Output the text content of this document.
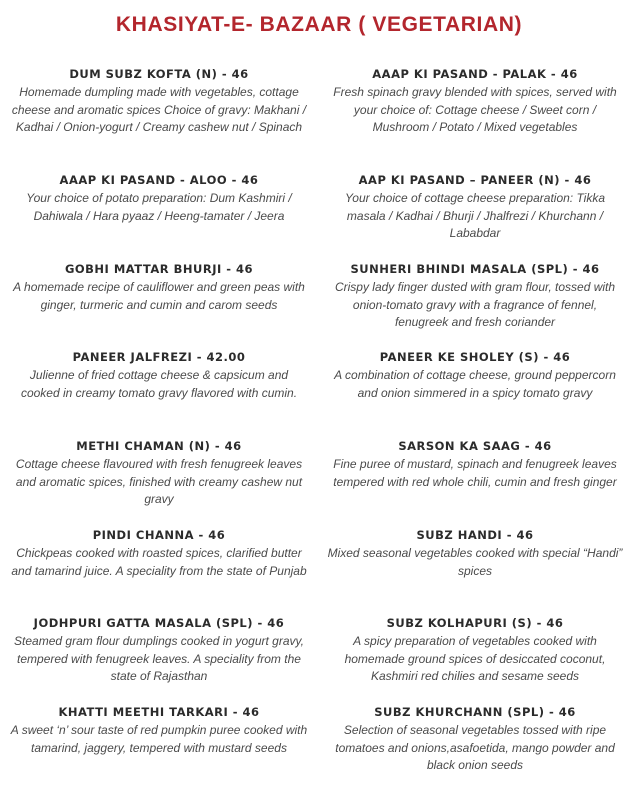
KHASIYAT-E- BAZAAR ( VEGETARIAN)
DUM SUBZ KOFTA (N) - 46
Homemade dumpling made with vegetables, cottage cheese and aromatic spices Choice of gravy: Makhani / Kadhai / Onion-yogurt / Creamy cashew nut / Spinach
AAAP KI PASAND - ALOO - 46
Your choice of potato preparation: Dum Kashmiri / Dahiwala / Hara pyaaz / Heeng-tamater / Jeera
GOBHI MATTAR BHURJI - 46
A homemade recipe of cauliflower and green peas with ginger, turmeric and cumin and carom seeds
PANEER JALFREZI - 42.00
Julienne of fried cottage cheese & capsicum and cooked in creamy tomato gravy flavored with cumin.
METHI CHAMAN (N) - 46
Cottage cheese flavoured with fresh fenugreek leaves and aromatic spices, finished with creamy cashew nut gravy
PINDI CHANNA - 46
Chickpeas cooked with roasted spices, clarified butter and tamarind juice. A speciality from the state of Punjab
JODHPURI GATTA MASALA (SPL) - 46
Steamed gram flour dumplings cooked in yogurt gravy, tempered with fenugreek leaves. A speciality from the state of Rajasthan
KHATTI MEETHI TARKARI - 46
A sweet ‘n’ sour taste of red pumpkin puree cooked with tamarind, jaggery, tempered with mustard seeds
AAAP KI PASAND - PALAK - 46
Fresh spinach gravy blended with spices, served with your choice of: Cottage cheese / Sweet corn / Mushroom / Potato / Mixed vegetables
AAP KI PASAND – PANEER (N) - 46
Your choice of cottage cheese preparation: Tikka masala / Kadhai / Bhurji / Jhalfrezi / Khurchann / Lababdar
SUNHERI BHINDI MASALA (SPL) - 46
Crispy lady finger dusted with gram flour, tossed with onion-tomato gravy with a fragrance of fennel, fenugreek and fresh coriander
PANEER KE SHOLEY (S) - 46
A combination of cottage cheese, ground peppercorn and onion simmered in a spicy tomato gravy
SARSON KA SAAG - 46
Fine puree of mustard, spinach and fenugreek leaves tempered with red whole chili, cumin and fresh ginger
SUBZ HANDI - 46
Mixed seasonal vegetables cooked with special “Handi” spices
SUBZ KOLHAPURI (S) - 46
A spicy preparation of vegetables cooked with homemade ground spices of desiccated coconut, Kashmiri red chilies and sesame seeds
SUBZ KHURCHANN (SPL) - 46
Selection of seasonal vegetables tossed with ripe tomatoes and onions,asafoetida, mango powder and black onion seeds
